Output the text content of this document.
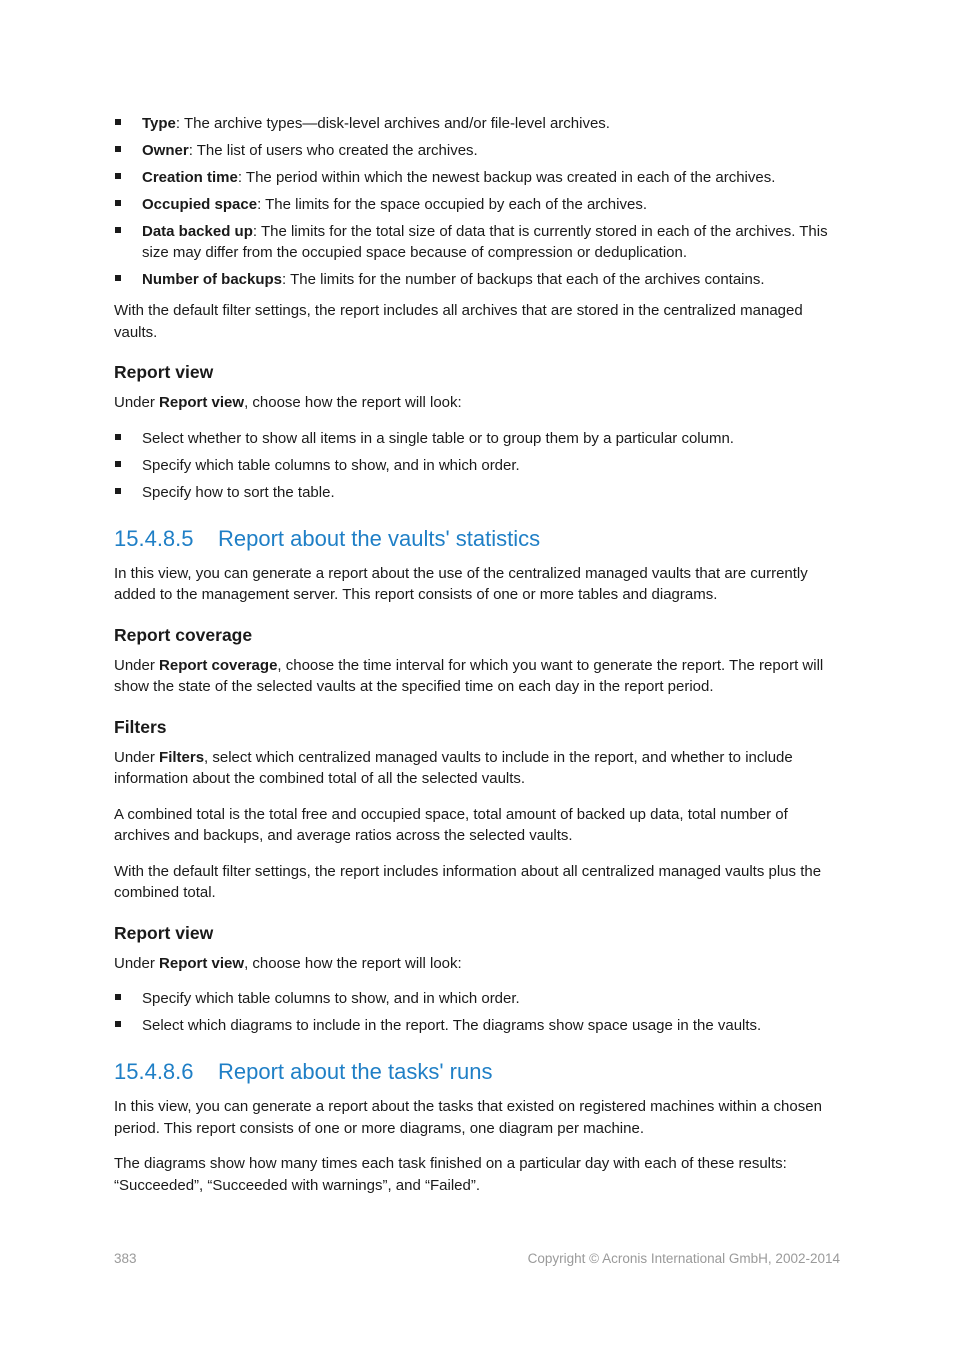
Type: The archive types—disk-level archives and/or file-level archives.
Owner: The list of users who created the archives.
Creation time: The period within which the newest backup was created in each of the archives.
Occupied space: The limits for the space occupied by each of the archives.
Data backed up: The limits for the total size of data that is currently stored in each of the archives. This size may differ from the occupied space because of compression or deduplication.
Number of backups: The limits for the number of backups that each of the archives contains.

With the default filter settings, the report includes all archives that are stored in the centralized managed vaults.

Report view

Under Report view, choose how the report will look:

Select whether to show all items in a single table or to group them by a particular column.
Specify which table columns to show, and in which order.
Specify how to sort the table.
15.4.8.5 Report about the vaults' statistics

In this view, you can generate a report about the use of the centralized managed vaults that are currently added to the management server. This report consists of one or more tables and diagrams.

Report coverage

Under Report coverage, choose the time interval for which you want to generate the report. The report will show the state of the selected vaults at the specified time on each day in the report period.

Filters

Under Filters, select which centralized managed vaults to include in the report, and whether to include information about the combined total of all the selected vaults.

A combined total is the total free and occupied space, total amount of backed up data, total number of archives and backups, and average ratios across the selected vaults.

With the default filter settings, the report includes information about all centralized managed vaults plus the combined total.

Report view

Under Report view, choose how the report will look:

Specify which table columns to show, and in which order.
Select which diagrams to include in the report. The diagrams show space usage in the vaults.
15.4.8.6 Report about the tasks' runs

In this view, you can generate a report about the tasks that existed on registered machines within a chosen period. This report consists of one or more diagrams, one diagram per machine.

The diagrams show how many times each task finished on a particular day with each of these results: “Succeeded”, “Succeeded with warnings”, and “Failed”.

383	Copyright © Acronis International GmbH, 2002-2014
